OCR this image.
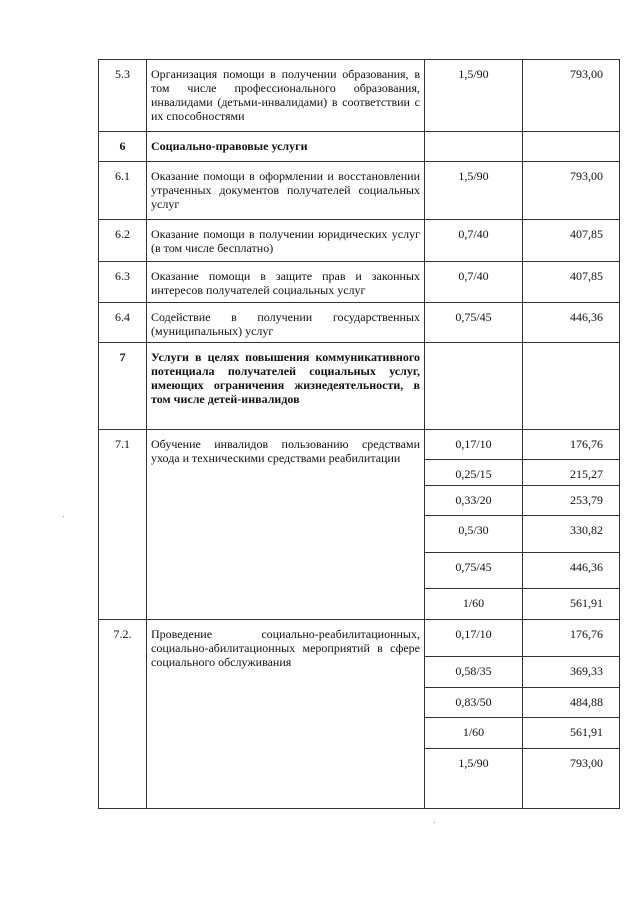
5.3	Организация помощи в получении образования, в том числе профессионального образования, инвалидами (детьми-инвалидами) в соответствии с их способностями	1,5/90	793,00
6	Социально-правовые услуги		
6.1	Оказание помощи в оформлении и восстановлении утраченных документов получателей социальных услуг	1,5/90	793,00
6.2	Оказание помощи в получении юридических услуг (в том числе бесплатно)	0,7/40	407,85
6.3	Оказание помощи в защите прав и законных интересов получателей социальных услуг	0,7/40	407,85
6.4	Содействие в получении государственных (муниципальных) услуг	0,75/45	446,36
7	Услуги в целях повышения коммуникативного потенциала получателей социальных услуг, имеющих ограничения жизнедеятельности, в том числе детей-инвалидов		
7.1	Обучение инвалидов пользованию средствами ухода и техническими средствами реабилитации	0,17/10	176,76
		0,25/15	215,27
		0,33/20	253,79
		0,5/30	330,82
		0,75/45	446,36
		1/60	561,91
7.2.	Проведение социально-реабилитационных, социально-абилитационных мероприятий в сфере социального обслуживания	0,17/10	176,76
		0,58/35	369,33
		0,83/50	484,88
		1/60	561,91
		1,5/90	793,00
